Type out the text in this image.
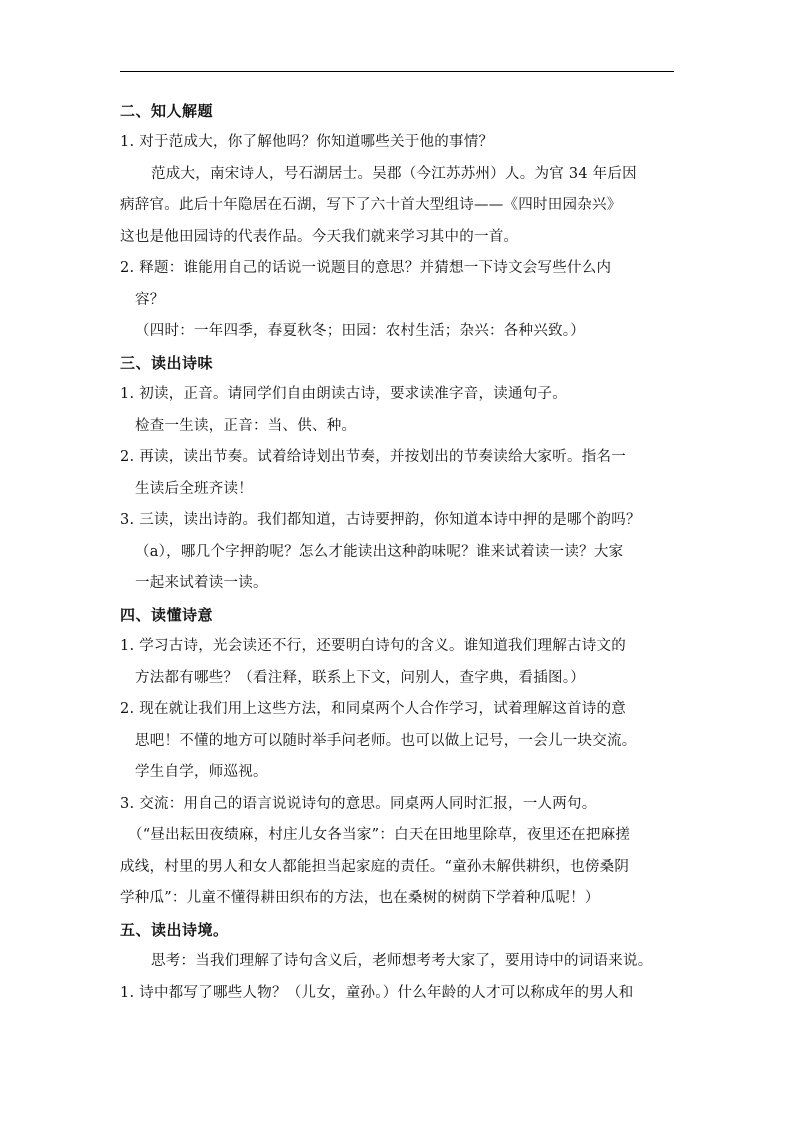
二、知人解题
1. 对于范成大，你了解他吗？你知道哪些关于他的事情？
范成大，南宋诗人，号石湖居士。吴郡（今江苏苏州）人。为官 34 年后因
病辞官。此后十年隐居在石湖，写下了六十首大型组诗——《四时田园杂兴》
这也是他田园诗的代表作品。今天我们就来学习其中的一首。
2. 释题：谁能用自己的话说一说题目的意思？并猜想一下诗文会写些什么内
容？
（四时：一年四季，春夏秋冬；田园：农村生活；杂兴：各种兴致。）
三、读出诗味
1. 初读，正音。请同学们自由朗读古诗，要求读准字音，读通句子。
检查一生读，正音：当、供、种。
2. 再读，读出节奏。试着给诗划出节奏，并按划出的节奏读给大家听。指名一
生读后全班齐读！
3. 三读，读出诗韵。我们都知道，古诗要押韵，你知道本诗中押的是哪个韵吗？
（a），哪几个字押韵呢？怎么才能读出这种韵味呢？谁来试着读一读？大家
一起来试着读一读。
四、读懂诗意
1. 学习古诗，光会读还不行，还要明白诗句的含义。谁知道我们理解古诗文的
方法都有哪些？（看注释，联系上下文，问别人，查字典，看插图。）
2. 现在就让我们用上这些方法，和同桌两个人合作学习，试着理解这首诗的意
思吧！不懂的地方可以随时举手问老师。也可以做上记号，一会儿一块交流。
学生自学，师巡视。
3. 交流：用自己的语言说说诗句的意思。同桌两人同时汇报，一人两句。
（“昼出耘田夜绩麻，村庄儿女各当家”：白天在田地里除草，夜里还在把麻搓
成线，村里的男人和女人都能担当起家庭的责任。“童孙未解供耕织，也傍桑阴
学种瓜”：儿童不懂得耕田织布的方法，也在桑树的树荫下学着种瓜呢！）
五、读出诗境。
思考：当我们理解了诗句含义后，老师想考考大家了，要用诗中的词语来说。
1. 诗中都写了哪些人物？（儿女，童孙。）什么年龄的人才可以称成年的男人和
